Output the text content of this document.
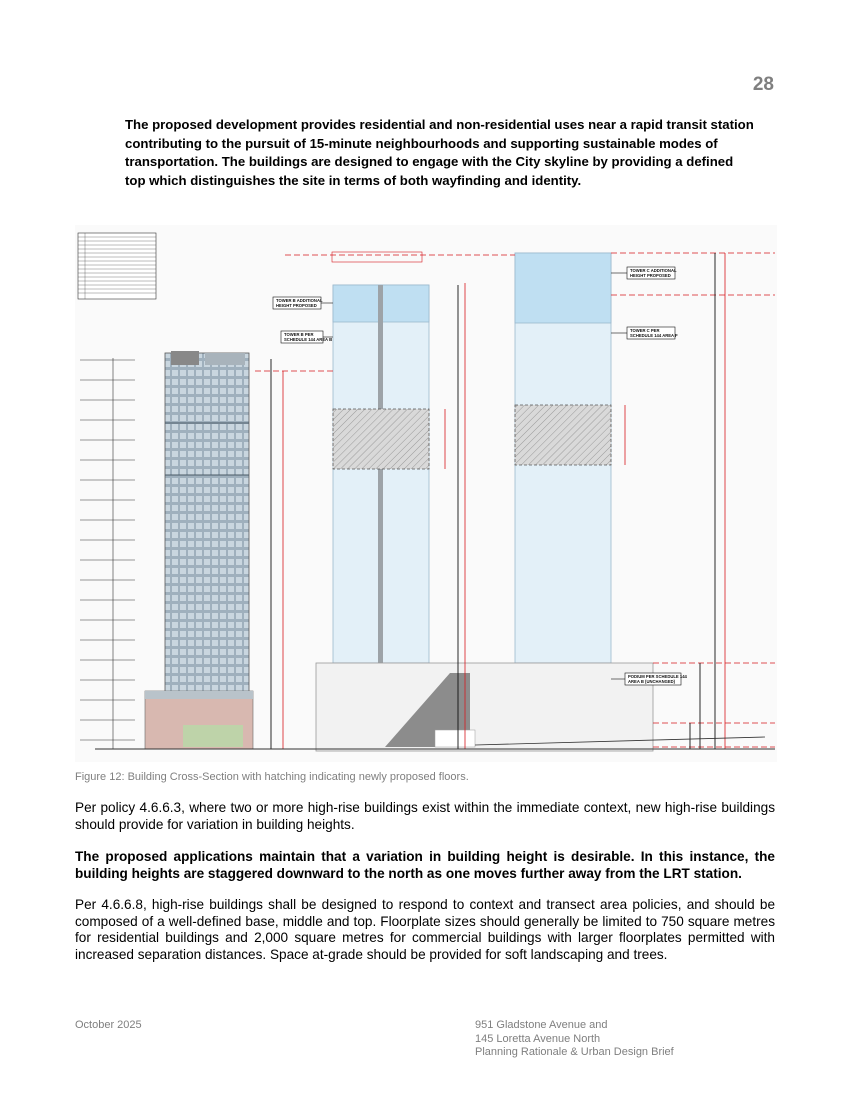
28
The proposed development provides residential and non-residential uses near a rapid transit station contributing to the pursuit of 15-minute neighbourhoods and supporting sustainable modes of transportation. The buildings are designed to engage with the City skyline by providing a defined top which distinguishes the site in terms of both wayfinding and identity.
TOWER B ADDITIONAL
HEIGHT PROPOSED
TOWER B PER
SCHEDULE 144 AREA B
TOWER C ADDITIONAL
HEIGHT PROPOSED
TOWER C PER
SCHEDULE 144 AREA F
PODIUM PER SCHEDULE 144
AREA B (UNCHANGED)
Figure 12: Building Cross-Section with hatching indicating newly proposed floors.
Per policy 4.6.6.3, where two or more high-rise buildings exist within the immediate context, new high-rise buildings should provide for variation in building heights.
The proposed applications maintain that a variation in building height is desirable. In this instance, the building heights are staggered downward to the north as one moves further away from the LRT station.
Per 4.6.6.8, high-rise buildings shall be designed to respond to context and transect area policies, and should be composed of a well-defined base, middle and top. Floorplate sizes should generally be limited to 750 square metres for residential buildings and 2,000 square metres for commercial buildings with larger floorplates permitted with increased separation distances. Space at-grade should be provided for soft landscaping and trees.
October 2025	951 Gladstone Avenue and
145 Loretta Avenue North
Planning Rationale & Urban Design Brief
